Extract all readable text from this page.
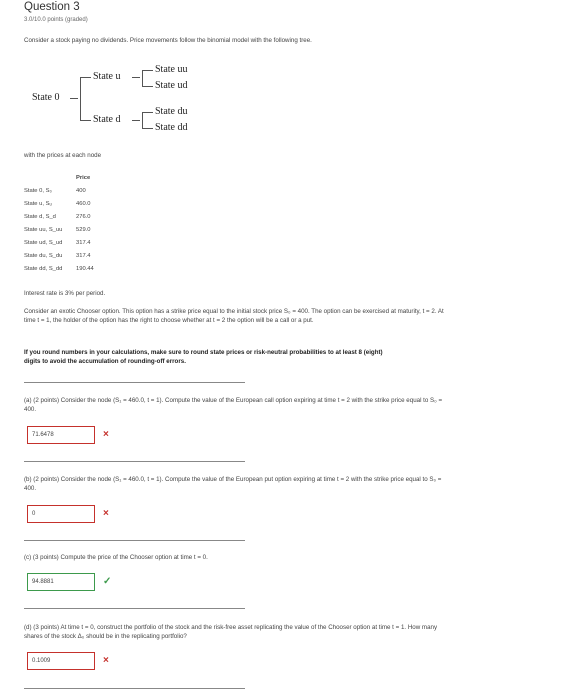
Question 3
3.0/10.0 points (graded)
Consider a stock paying no dividends. Price movements follow the binomial model with the following tree.
State 0
State u
State d
State uu
State ud
State du
State dd
with the prices at each node
	Price
State 0, S₀	400
State u, Sᵤ	460.0
State d, S_d	276.0
State uu, S_uu	529.0
State ud, S_ud	317.4
State du, S_du	317.4
State dd, S_dd	190.44
Interest rate is 3% per period.
Consider an exotic Chooser option. This option has a strike price equal to the initial stock price S₀ = 400. The option can be exercised at maturity, t = 2. At time t = 1, the holder of the option has the right to choose whether at t = 2 the option will be a call or a put.
If you round numbers in your calculations, make sure to round state prices or risk-neutral probabilities to at least 8 (eight) digits to avoid the accumulation of rounding-off errors.
(a) (2 points) Consider the node (S₁ = 460.0, t = 1). Compute the value of the European call option expiring at time t = 2 with the strike price equal to S₀ = 400.
71.6478	×
(b) (2 points) Consider the node (S₁ = 460.0, t = 1). Compute the value of the European put option expiring at time t = 2 with the strike price equal to S₀ = 400.
0	×
(c) (3 points) Compute the price of the Chooser option at time t = 0.
94.8881	✓
(d) (3 points) At time t = 0, construct the portfolio of the stock and the risk-free asset replicating the value of the Chooser option at time t = 1. How many shares of the stock Δ₀ should be in the replicating portfolio?
0.1009	×
